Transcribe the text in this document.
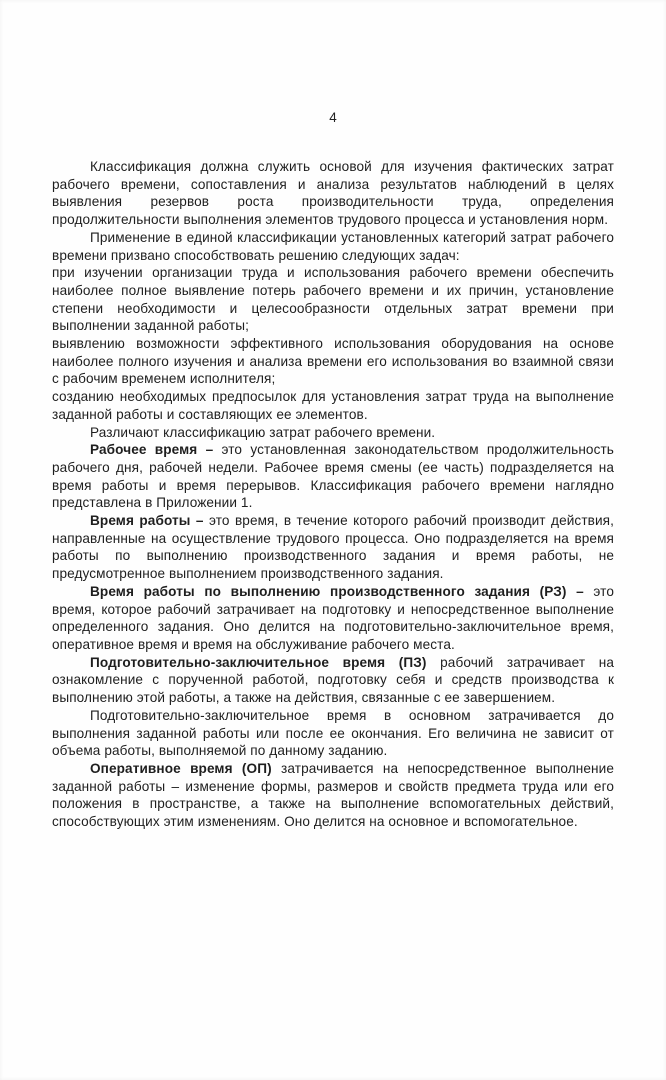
4

Классификация должна служить основой для изучения фактических затрат рабочего времени, сопоставления и анализа результатов наблюдений в целях выявления резервов роста производительности труда, определения продолжительности выполнения элементов трудового процесса и установления норм.

Применение в единой классификации установленных категорий затрат рабочего времени призвано способствовать решению следующих задач:

при изучении организации труда и использования рабочего времени обеспечить наиболее полное выявление потерь рабочего времени и их причин, установление степени необходимости и целесообразности отдельных затрат времени при выполнении заданной работы;

выявлению возможности эффективного использования оборудования на основе наиболее полного изучения и анализа времени его использования во взаимной связи с рабочим временем исполнителя;

созданию необходимых предпосылок для установления затрат труда на выполнение заданной работы и составляющих ее элементов.

Различают классификацию затрат рабочего времени.

Рабочее время – это установленная законодательством продолжительность рабочего дня, рабочей недели. Рабочее время смены (ее часть) подразделяется на время работы и время перерывов. Классификация рабочего времени наглядно представлена в Приложении 1.

Время работы – это время, в течение которого рабочий производит действия, направленные на осуществление трудового процесса. Оно подразделяется на время работы по выполнению производственного задания и время работы, не предусмотренное выполнением производственного задания.

Время работы по выполнению производственного задания (РЗ) – это время, которое рабочий затрачивает на подготовку и непосредственное выполнение определенного задания. Оно делится на подготовительно-заключительное время, оперативное время и время на обслуживание рабочего места.

Подготовительно-заключительное время (ПЗ) рабочий затрачивает на ознакомление с порученной работой, подготовку себя и средств производства к выполнению этой работы, а также на действия, связанные с ее завершением.

Подготовительно-заключительное время в основном затрачивается до выполнения заданной работы или после ее окончания. Его величина не зависит от объема работы, выполняемой по данному заданию.

Оперативное время (ОП) затрачивается на непосредственное выполнение заданной работы – изменение формы, размеров и свойств предмета труда или его положения в пространстве, а также на выполнение вспомогательных действий, способствующих этим изменениям. Оно делится на основное и вспомогательное.
